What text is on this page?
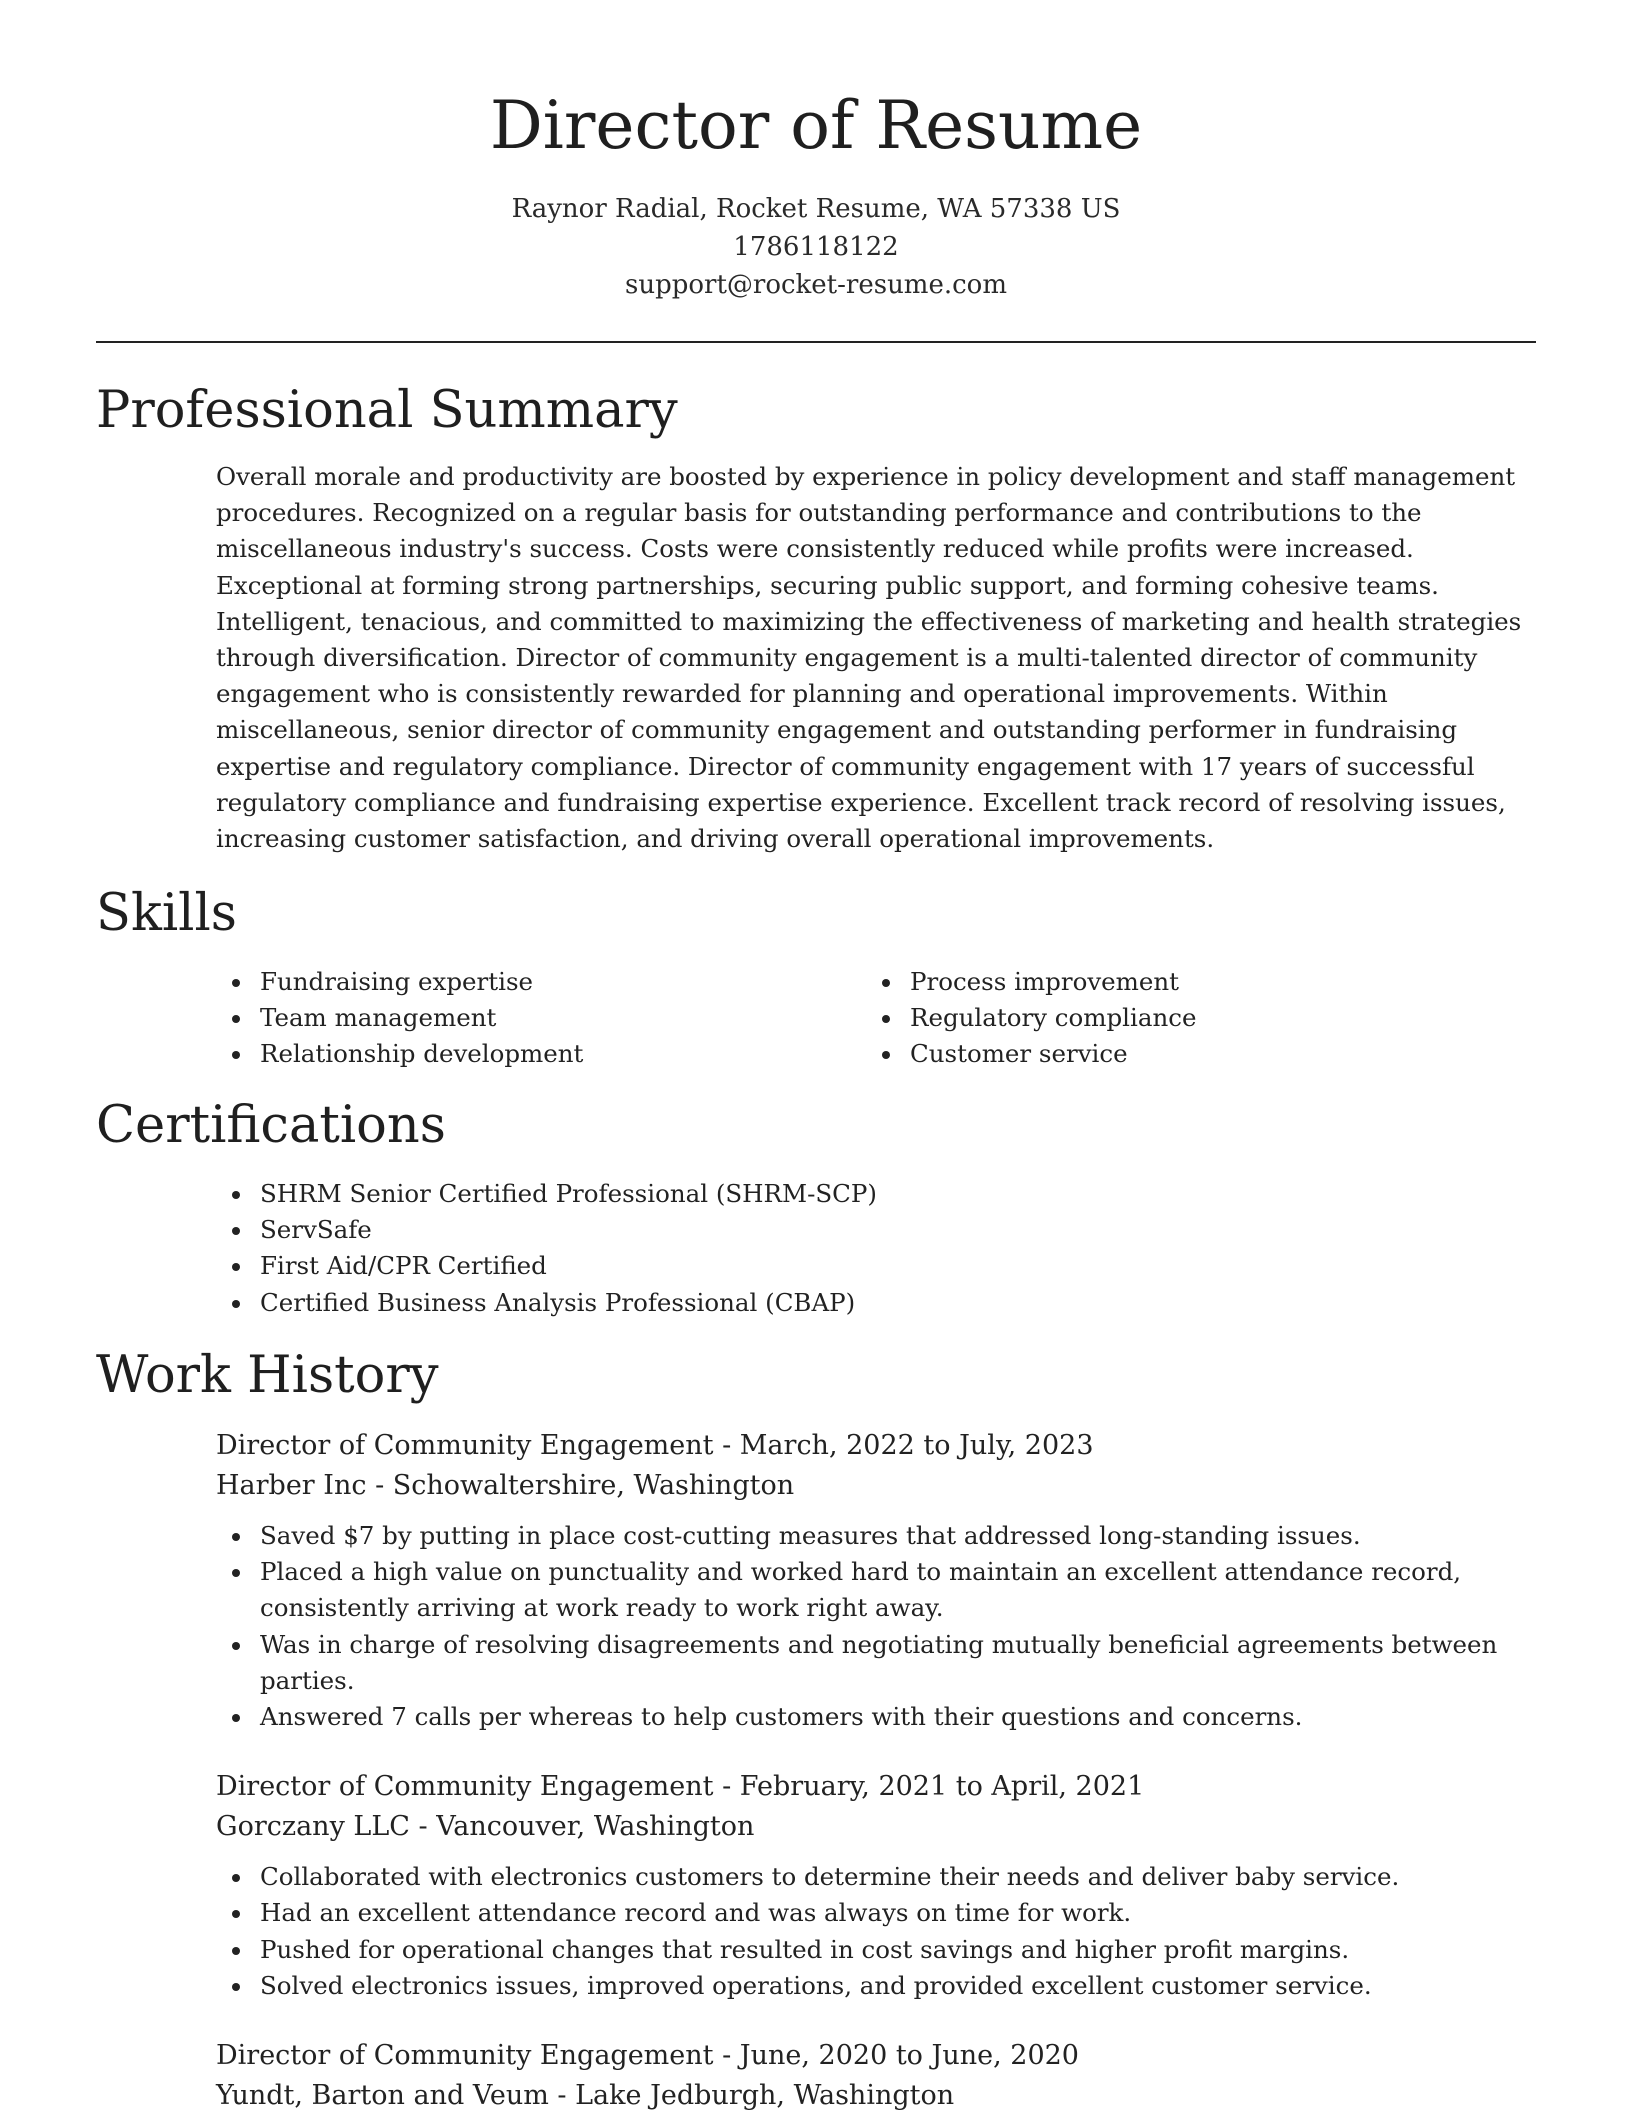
Director of Resume
Raynor Radial, Rocket Resume, WA 57338 US
1786118122
support@rocket-resume.com
Professional Summary

Overall morale and productivity are boosted by experience in policy development and staff management procedures. Recognized on a regular basis for outstanding performance and contributions to the miscellaneous industry's success. Costs were consistently reduced while profits were increased. Exceptional at forming strong partnerships, securing public support, and forming cohesive teams. Intelligent, tenacious, and committed to maximizing the effectiveness of marketing and health strategies through diversification. Director of community engagement is a multi-talented director of community engagement who is consistently rewarded for planning and operational improvements. Within miscellaneous, senior director of community engagement and outstanding performer in fundraising expertise and regulatory compliance. Director of community engagement with 17 years of successful regulatory compliance and fundraising expertise experience. Excellent track record of resolving issues, increasing customer satisfaction, and driving overall operational improvements.

Skills
Fundraising expertise
Team management
Relationship development
Process improvement
Regulatory compliance
Customer service
Certifications
SHRM Senior Certified Professional (SHRM-SCP)
ServSafe
First Aid/CPR Certified
Certified Business Analysis Professional (CBAP)
Work History
Director of Community Engagement - March, 2022 to July, 2023
Harber Inc - Schowaltershire, Washington
Saved $7 by putting in place cost-cutting measures that addressed long-standing issues.
Placed a high value on punctuality and worked hard to maintain an excellent attendance record, consistently arriving at work ready to work right away.
Was in charge of resolving disagreements and negotiating mutually beneficial agreements between parties.
Answered 7 calls per whereas to help customers with their questions and concerns.
Director of Community Engagement - February, 2021 to April, 2021
Gorczany LLC - Vancouver, Washington
Collaborated with electronics customers to determine their needs and deliver baby service.
Had an excellent attendance record and was always on time for work.
Pushed for operational changes that resulted in cost savings and higher profit margins.
Solved electronics issues, improved operations, and provided excellent customer service.
Director of Community Engagement - June, 2020 to June, 2020
Yundt, Barton and Veum - Lake Jedburgh, Washington
